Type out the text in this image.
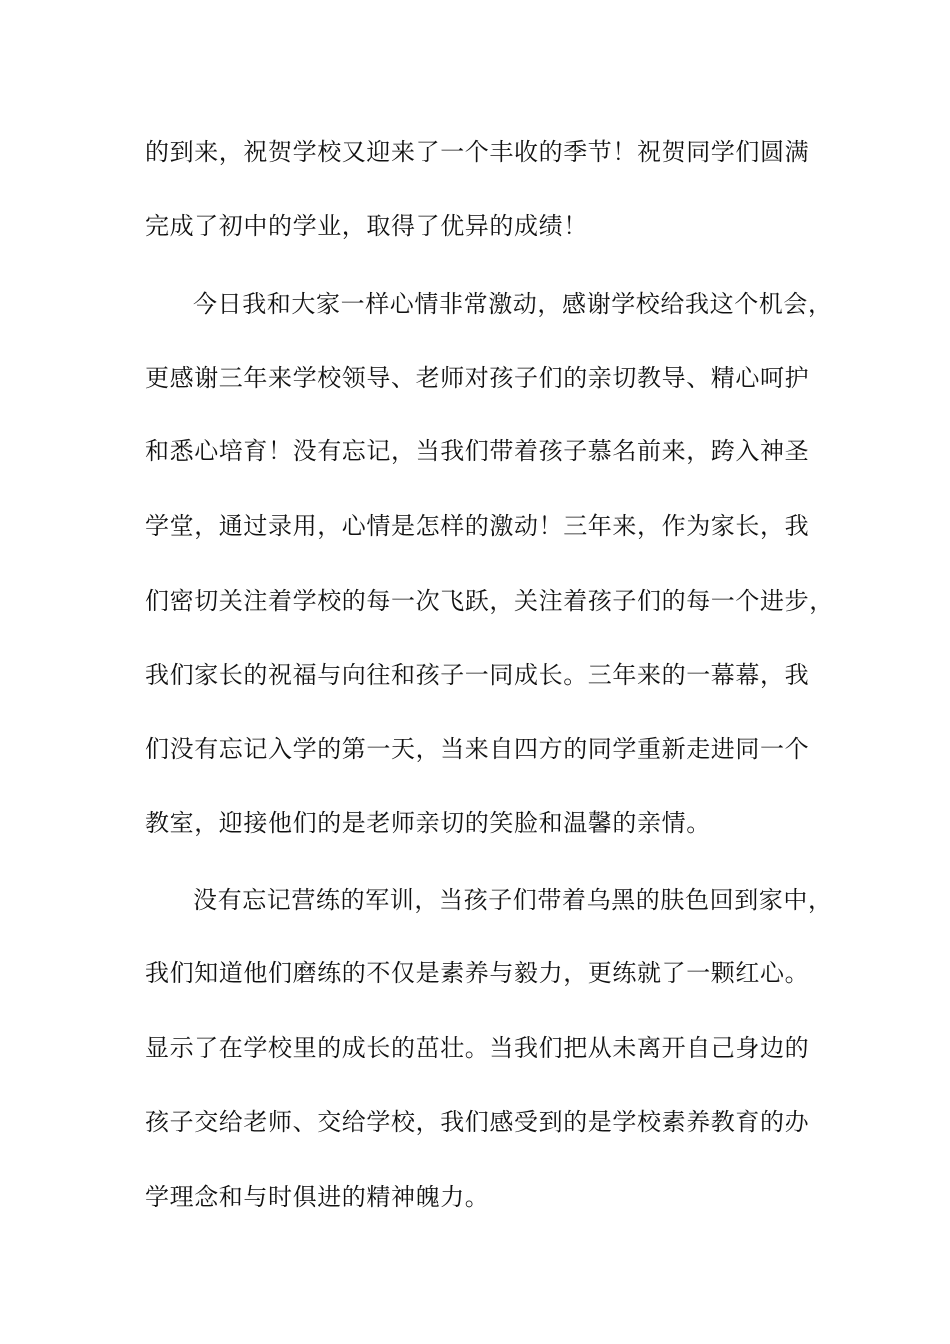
的到来，祝贺学校又迎来了一个丰收的季节！祝贺同学们圆满
完成了初中的学业，取得了优异的成绩！
今日我和大家一样心情非常激动，感谢学校给我这个机会，
更感谢三年来学校领导、老师对孩子们的亲切教导、精心呵护
和悉心培育！没有忘记，当我们带着孩子慕名前来，跨入神圣
学堂，通过录用，心情是怎样的激动！三年来，作为家长，我
们密切关注着学校的每一次飞跃，关注着孩子们的每一个进步，
我们家长的祝福与向往和孩子一同成长。三年来的一幕幕，我
们没有忘记入学的第一天，当来自四方的同学重新走进同一个
教室，迎接他们的是老师亲切的笑脸和温馨的亲情。
没有忘记营练的军训，当孩子们带着乌黑的肤色回到家中，
我们知道他们磨练的不仅是素养与毅力，更练就了一颗红心。
显示了在学校里的成长的茁壮。当我们把从未离开自己身边的
孩子交给老师、交给学校，我们感受到的是学校素养教育的办
学理念和与时俱进的精神魄力。
